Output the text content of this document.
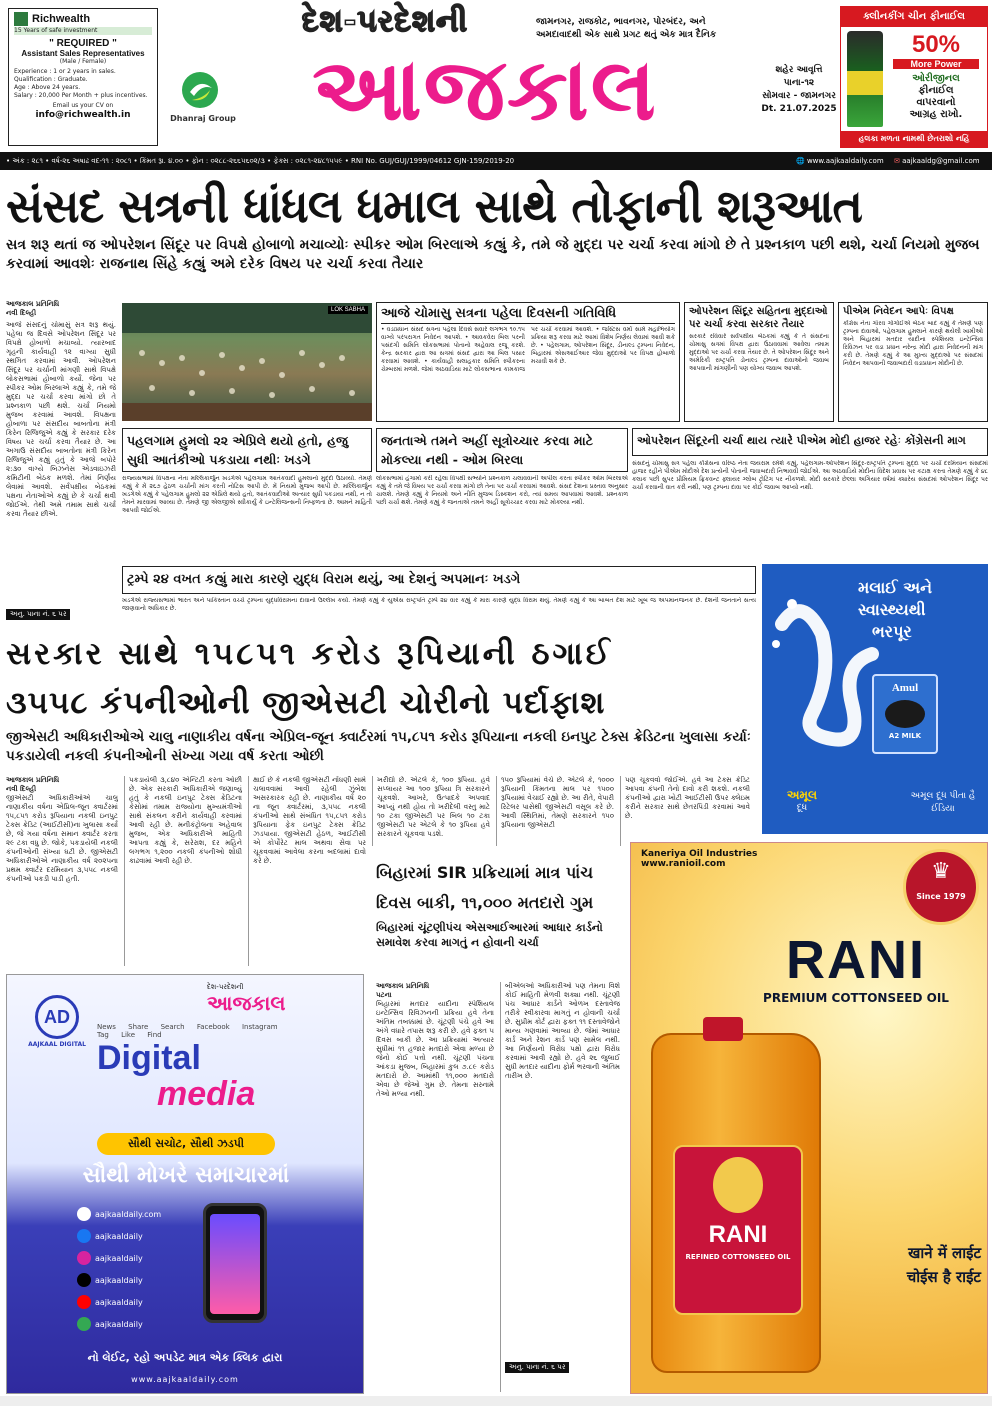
Richwealth
15 Years of safe investment
" REQUIRED "
Assistant Sales Representatives
(Male / Female)
Experience : 1 or 2 years in sales.
Qualification : Graduate.
Age : Above 24 years.
Salary : 20,000 Per Month + plus incentives.
Email us your CV on
info@richwealth.in	Dhanraj Group
દેશ-પરદેશની
આજકાલ
જામનગર, રાજકોટ, ભાવનગર, પોરબંદર, અને અમદાવાદથી એક સાથે પ્રગટ થતું એક માત્ર દૈનિક
શહેર આવૃત્તિ
પાના-૧૨
સોમવાર - જામનગર
Dt. 21.07.2025
ક્લીનકીંગ ચીન ફીનાઈલ
50%
More Power
ઓરીજીનલ
ફીનાઈલ
વાપરવાનો
આગ્રહ રાખો.
હલકા મળતા નામથી છેતરાશો નહિં
• અંક : ૨૮૧ • વર્ષ-૨૬ અષાઢ વદ-૧૧ : ૨૦૮૧ • કિંમત રૂા. ૪.૦૦ • ફોન : ૦૨૮૮-૨૬૬૫૬૦૨/૩ • ફેક્સ : ૦૨૮૧-૨૪૮૧૫૫૯ • RNI No. GUJ/GUJ/1999/04612 GJN-159/2019-20	🌐 www.aajkaaldaily.com ✉ aajkaaldg@gmail.com
સંસદ સત્રની ધાંધલ ધમાલ સાથે તોફાની શરૂઆત
સત્ર શરૂ થતાં જ ઓપરેશન સિંદૂર પર વિપક્ષે હોબાળો મચાવ્યોઃ સ્પીકર ઓમ બિરલાએ કહ્યું કે, તમે જે મુદ્દા પર ચર્ચા કરવા માંગો છે તે પ્રશ્નકાળ પછી થશે, ચર્ચા નિયમો મુજબ કરવામાં આવશેઃ રાજનાથ સિંહે કહ્યું અમે દરેક વિષય પર ચર્ચા કરવા તૈયાર
આજકાલ પ્રતિનિધિ
નવી દિલ્હી
આજે સંસદનું ચોમાસું સત્ર શરૂ થયું. પહેલા જ દિવસે ઓપરેશન સિંદૂર પર વિપક્ષે હોબાળો મચાવ્યો. ત્યારબાદ ગૃહની કાર્યવાહી ૧૨ વાગ્યા સુધી સ્થગિત કરવામાં આવી. ઓપરેશન સિંદૂર પર ચર્ચાની માંગણી સાથે વિપક્ષે લોકસભામાં હોબાળો કર્યો. જેના પર સ્પીકર ઓમ બિરલાએ કહ્યું કે, તમે જે મુદ્દા પર ચર્ચા કરવા માંગો છો તે પ્રશ્નકાળ પછી થશે. ચર્ચા નિયમો મુજબ કરવામાં આવશે. વિપક્ષના હોબાળા પર સંસદીય બાબતોના મંત્રી કિરેન રિજિજુએ કહ્યું કે સરકાર દરેક વિષય પર ચર્ચા કરવા તૈયાર છે. આ અગાઉ સંસદીય બાબતોના મંત્રી કિરેન રિજિજુએ કહ્યું હતું કે આજે બપોરે ૨:૩૦ વાગ્યે બિઝનેસ એડવાઇઝરી કમિટીની બેઠક મળશે. તેમાં નિર્ણય લેવામાં આવશે. સર્વપક્ષીય બેઠકમાં પક્ષના નેતાઓએ કહ્યું છે કે ચર્ચા થવી જોઈએ. તેથી અમે તમામ સાથે ચર્ચા કરવા તૈયાર છીએ.
અનુ. પાના નં. ૬ પર
LOK SABHA આજે ચોમાસુ સત્રના પહેલા દિવસની ગતિવિધિ
• વડાપ્રધાન સંસદ સત્રના પહેલા દિવસે સવારે લગભગ ૧૦.૧૫ વાગ્યે પરંપરાગત નિવેદન આપશે. • આવકવેરા બિલ પરની પસંદગી સમિતિ લોકસભામાં પોતાનો અહેવાલ રજૂ કરશે. કેન્દ્ર સરકાર દ્વારા આ સત્રમાં સંસદ દ્વારા આ બિલ પસાર કરવામાં આવશે. • કાર્યવાહી સલાહકાર સમિતિ સ્પીકરના ચેમ્બરમાં મળશે. જેમાં અઠવાડિયા માટે લોકસભાના કામકાજ પર ચર્ચા કરવામાં આવશે. • જસ્ટિસ વર્મા સામે મહાભિયોગ પ્રક્રિયા શરૂ કરવા માટે આમાં વિશેષ નિર્ણય લેવામાં આવી શકે છે. • પહેલગામ, ઓપરેશન સિંદૂર, ડીનાલ્ડ ટ્રમ્પના નિવેદન, બિહારમાં એસઆઈઆર જેવા મુદ્દાઓ પર વિપક્ષ હોબાળો મચાવી શકે છે.
ઓપરેશન સિંદૂર સહિતના મુદ્દાઓ પર ચર્ચા કરવા સરકાર તૈયાર
સરકારે રવિવારે સર્વપક્ષીય બેઠકમાં કહ્યું કે તે સંસદના ચોમાસુ સત્રમાં વિપક્ષ દ્વારા ઉઠાવવામાં આવેલા તમામ મુદ્દાઓ પર ચર્ચા કરવા તૈયાર છે. તે ઓપરેશન સિંદૂર અને અમેરિકી રાષ્ટ્રપતિ ડોનાલ્ડ ટ્રમ્પના દાવાઓનો જવાબ આપવાની માંગણીની પણ યોગ્ય જવાબ આપશે.
પીએમ નિવેદન આપેઃ વિપક્ષ
કોંગ્રેસ નેતા ગૌરવ ગોગોઈએ બેઠક બાદ કહ્યું કે તેમણે પણ ટ્રમ્પના દાવાઓ, પહેલગામ હુમલાને કારણે થયેલી ખામીઓ અને બિહારમાં મતદાર યાદીના સ્પેશિયલ ઇન્ટેન્સિવ રિવિઝન પર વડા પ્રધાન નરેન્દ્ર મોદી દ્વારા નિવેદનની માંગ કરી છે. તેમણે કહ્યું કે આ મુખ્ય મુદ્દાઓ પર સંસદમાં નિવેદન આપવાની જવાબદારી વડાપ્રધાન મોદીની છે.
પહલગામ હુમલો ૨૨ એપ્રિલે થયો હતો, હજુ સુધી આતંકીઓ પકડાયા નથીઃ ખડગે
રાજ્યસભામાં વિપક્ષના નેતા મલ્લિકાર્જુન ખડગેએ પહેલગામ આતંકવાદી હુમલાનો મુદ્દો ઉઠાવ્યો. તેમણે કહ્યું કે મેં ૨૬૭ હેઠળ ચર્ચાની માંગ કરતી નોટિસ આપી છે. મેં નિયમો મુજબ આપી છે. મલ્લિકાર્જુન ખડગેએ કહ્યું કે પહેલગામ હુમલો ૨૨ એપ્રિલે થયો હતો, આતંકવાદીઓ અત્યાર સુધી પકડાયા નથી, ન તો તેમને મારવામાં આવ્યા છે. તેમણે જી એલજીએ સ્વીકાર્યું કે ઇન્ટેલિજન્સની નિષ્ફળતા છે. આમને માહિતી આપવી જોઈએ.
જનતાએ તમને અહીં સૂત્રોચ્ચાર કરવા માટે મોકલ્યા નથી - ઓમ બિરલા
લોકસભામાં હંગામો કરી રહેલા વિપક્ષી સભ્યોને પ્રશ્નકાળ ચલાવવાની અપીલ કરતા સ્પીકર ઓમ બિરલાએ કહ્યું કે તમે જે વિષય પર ચર્ચા કરવા માંગો છો તેના પર ચર્ચા કરવામાં આવશે. સંસદ દેશના પ્રસ્તાવ અનુસાર ચાલશે. તેમણે કહ્યું કે નિયમો અને નીતિ મુજબ ડિસ્કશન કરો, ત્યાં સમય આપવામાં આવશે. પ્રશ્નકાળ પછી ચર્ચા થશે. તેમણે કહ્યું કે જનતાએ તમને અહીં સૂત્રોચ્ચાર કરવા માટે મોકલ્યા નથી.
ઓપરેશન સિંદૂરની ચર્ચા થાય ત્યારે પીએમ મોદી હાજર રહેઃ કોંગ્રેસની માગ
સંસદનું ચોમાસુ સત્ર પહેલા કોંગ્રેસના વરિષ્ઠ નેતા જયરામ રમેશે કહ્યું, પહેલગામ-ઓપરેશન સિંદૂર-રાષ્ટ્રપતિ ટ્રમ્પના મુદ્દા પર ચર્ચા દરમિયાન સંસદમાં હાજર રહીને પીએમ મોદીએ દેશ પ્રત્યેની પોતાની જવાબદારી નિભાવવી જોઈએ. આ અઠવાડિયે મોદીના વિદેશ પ્રવાસ પર કટાક્ષ કરતા તેમણે કહ્યું કે ૪૮ કલાક પછી સુપર પ્રીમિયમ ફ્રિકવન્ટ ફ્લાયર ગ્લોબ ટ્રોટિંગ પર નીકળશે. મોદી સરકારે છેલ્લા અગિયાર વર્ષમાં ક્યારેય સંસદમાં ઓપરેશન સિંદૂર પર ચર્ચા કરવાની વાત કરી નથી, પણ ટ્રમ્પના દાવા પર કોઈ જવાબ આપ્યો નથી.
ટ્રમ્પે ૨૪ વખત કહ્યું મારા કારણે યુદ્ધ વિરામ થયું, આ દેશનું અપમાનઃ ખડગે
ખડગેએ રાજ્યસભામાં ભારત અને પાકિસ્તાન વચ્ચે ટ્રમ્પના યુદ્ધવિરામના દાવાનો ઉલ્લેખ કર્યો. તેમણે કહ્યું કે યુએસ રાષ્ટ્રપતિ ટ્રમ્પે ૨૪ વાર કહ્યું કે મારા કારણે યુદ્ધ વિરામ થયું. તેમણે કહ્યું કે આ બાબત દેશ માટે ખૂબ જ અપમાનજનક છે. દેશની જનતાને સત્ય જાણવાનો અધિકાર છે.
સરકાર સાથે ૧૫૮૫૧ કરોડ રૂપિયાની ઠગાઈ
૩૫૫૮ કંપનીઓની જીએસટી ચોરીનો પર્દાફાશ
જીએસટી અધિકારીઓએ ચાલુ નાણાકીય વર્ષના એપ્રિલ-જૂન ક્વાર્ટરમાં ૧૫,૮૫૧ કરોડ રૂપિયાના નકલી ઇનપુટ ટેક્સ ક્રેડિટના ખુલાસા કર્યાઃ પકડાયેલી નકલી કંપનીઓની સંખ્યા ગયા વર્ષ કરતા ઓછી
આજકાલ પ્રતિનિધિ
નવી દિલ્હી
જીએસટી અધિકારીઓએ ચાલુ નાણાકીય વર્ષના એપ્રિલ-જૂન ક્વાર્ટરમાં ૧૫,૮૫૧ કરોડ રૂપિયાના નકલી ઇનપુટ ટેક્સ ક્રેડિટ (આઈટીસી)ના ખુલાસા કર્યા છે, જે ગયા વર્ષના સમાન ક્વાર્ટર કરતા ૨૯ ટકા વધુ છે. જોકે, પકડાયેલી નકલી કંપનીઓની સંખ્યા ઘટી છે. જીએસટી અધિકારીઓએ નાણાકીય વર્ષ ૨૦૨૫ના પ્રથમ ક્વાર્ટર દરમિયાન ૩,૫૫૮ નકલી કંપનીઓ પકડી પાડી હતી.
પકડાયેલી ૩,૮૪૦ એન્ટિટી કરતા ઓછી છે. એક સરકારી અધિકારીએ જણાવ્યું હતું કે નકલી ઇનપુટ ટેક્સ ક્રેડિટના કેસોમાં તમામ રાજ્યોના મુખ્યમંત્રીઓ સાથે સંકલન કરીને કાર્યવાહી કરવામાં આવી રહી છે. મનીકંટ્રોલના અહેવાલ મુજબ, એક અધિકારીએ માહિતી આપતા કહ્યું કે, સરેરાશ, દર મહિને લગભગ ૧,૨૦૦ નકલી કંપનીઓ શોધી કાઢવામાં આવી રહી છે.
ક્ષાઈ છે કે નકલી જીએસટી નોંધણી સામે ચલાવવામાં આવી રહેલી ઝુંબેશ અસરકારક રહી છે. નાણાકીય વર્ષ ૨૦ ના જૂન ક્વાર્ટરમાં, ૩,૫૫૮ નકલી કંપનીઓ સાથે સંબંધિત ૧૫,૮૫૧ કરોડ રૂપિયાના ફેક ઇનપુટ ટેક્સ ક્રેડિટ ઝડપાયા. જીએસટી હેઠળ, આઈટીસી એ કોર્પોરેટ માલ અથવા સેવા પર ચૂકવવામાં આવેલા કરના બદલામાં દાવો કરે છે.
ખરીદ્યો છે. એટલે કે, ૧૦૦ રૂપિયા. હવે સપ્લાયર આ ૧૦૦ રૂપિયા ત્રિ સરકારને ચૂકવશે. આખરે, ઉત્પાદકે અપવાદ આપ્યું નથી હોય તો ખરીદેલી વસ્તુ માટે ૧૦ ટકા જીએસટી પર બિલ ૧૦ ટકા જીએસટી પર એટલે કે ૧૦ રૂપિયા હવે સરકારને ચૂકવવા પડશે.
૧૫૦ રૂપિયામાં વેચે છે. એટલે કે, ૧૦૦૦ રૂપિયાની કિંમતના માલ પર ૧૫૦૦ રૂપિયામાં વેચાઈ રહ્યો છે. આ રીતે, વેપારી રિટેલર પાસેથી જીએસટી વસૂલ કરે છે. આવી સ્થિતિમાં, તેમણે સરકારને ૧૫૦ રૂપિયાના જીએસટી
પણ ચૂકવવો જોઈએ. હવે આ ટેક્સ ક્રેડિટ આપવા કંપની તેનો દાવો કરી શકશે. નકલી કંપનીઓ દ્વારા ખોટી આઈટીસી ઉપર ક્લેઇમ કરીને સરકાર સાથે છેતરપિંડી કરવામાં આવે છે.
મલાઈ અને
સ્વાસ્થ્યથી
ભરપૂર
Amul
A2 MILK
અમૂલ
દૂધ
અમૂલ દૂધ પીતા હૈ ઈંડિયા
બિહારમાં SIR પ્રક્રિયામાં માત્ર પાંચ
દિવસ બાકી, ૧૧,૦૦૦ મતદારો ગુમ
બિહારમાં ચૂંટણીપંચ એસઆઈઆરમાં આધાર કાર્ડનો સમાવેશ કરવા માગતું ન હોવાની ચર્ચા
આજકાલ પ્રતિનિધિ
પટના
બિહારમાં મતદાર યાદીના સ્પેશિયલ ઇન્ટેન્સિવ રિવિઝનની પ્રક્રિયા હવે તેના અંતિમ તબક્કામાં છે. ચૂંટણી પંચે હવે આ અંગે વધારે તપાસ શરૂ કરી છે. હવે ફક્ત ૫ દિવસ બાકી છે. આ પ્રક્રિયામાં અત્યાર સુધીમાં ૧૧ હજાર મતદારો એવા મળ્યા છે જેનો કોઈ પત્તો નથી. ચૂંટણી પંચના આંકડા મુજબ, બિહારમાં કુલ ૭.૮૯ કરોડ મતદારો છે. આમાંથી ૧૧,૦૦૦ મતદારો એવા છે જેઓ ગુમ છે. તેમના સરનામે તેઓ મળ્યા નથી.
બીએલઓ અધિકારીઓ પણ તેમના વિશે કોઈ માહિતી મેળવી શક્યા નથી. ચૂંટણી પંચ આધાર કાર્ડને ઓળખ દસ્તાવેજ તરીકે સ્વીકારવા માગતું ન હોવાની ચર્ચા છે. સુપ્રીમ કોર્ટ દ્વારા ફક્ત ૧૧ દસ્તાવેજોને માન્ય ગણવામાં આવ્યા છે. જેમાં આધાર કાર્ડ અને રેશન કાર્ડ પણ સામેલ નથી. આ નિર્ણયનો વિરોધ પક્ષો દ્વારા વિરોધ કરવામાં આવી રહ્યો છે. હવે ૨૬ જુલાઈ સુધી મતદાર યાદીના ફોર્મ ભરવાની અંતિમ તારીખ છે.
અનુ. પાના નં. ૬ પર
AD
AAJKAAL DIGITAL
દેશ-પરદેશની
આજકાલ
News Share Search Facebook Instagram Tag Like Find
Digital
media
સૌથી સચોટ, સૌથી ઝડપી
સૌથી મોખરે સમાચારમાં
aajkaaldaily.com
aajkaaldaily
aajkaaldaily
aajkaaldaily
aajkaaldaily
aajkaaldaily
નો લેઈટ, રહો અપડેટ માત્ર એક ક્લિક દ્વારા
www.aajkaaldaily.com
Kaneriya Oil Industries
www.ranioil.com	♛
Since 1979
RANI
PREMIUM COTTONSEED OIL
RANI
REFINED COTTONSEED OIL	खाने में लाईट
चोईस है राईट
